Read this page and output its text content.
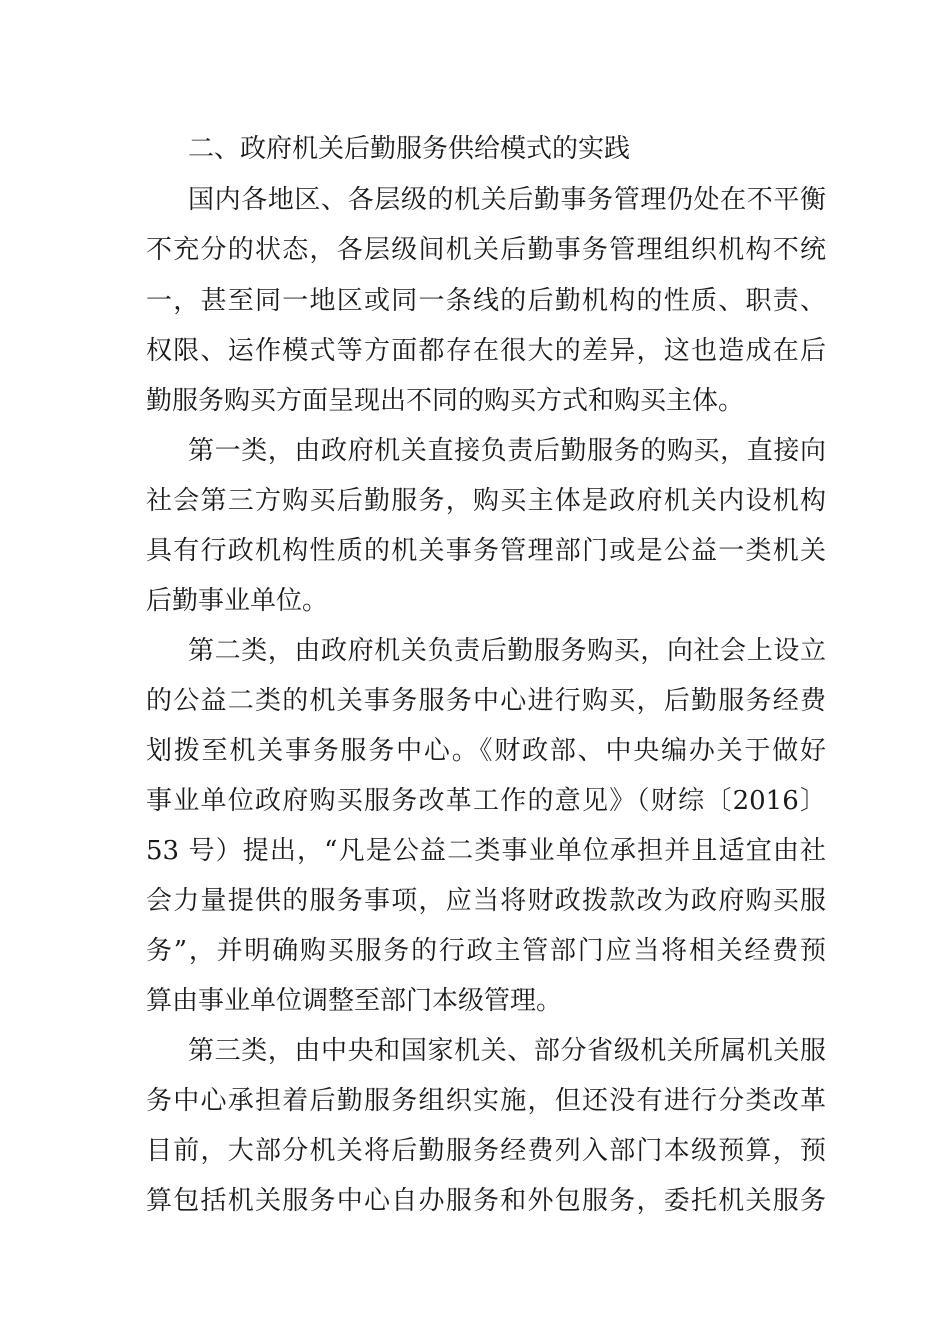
二、政府机关后勤服务供给模式的实践
国内各地区、各层级的机关后勤事务管理仍处在不平衡
不充分的状态，各层级间机关后勤事务管理组织机构不统
一，甚至同一地区或同一条线的后勤机构的性质、职责、
权限、运作模式等方面都存在很大的差异，这也造成在后
勤服务购买方面呈现出不同的购买方式和购买主体。
第一类，由政府机关直接负责后勤服务的购买，直接向
社会第三方购买后勤服务，购买主体是政府机关内设机构
具有行政机构性质的机关事务管理部门或是公益一类机关
后勤事业单位。
第二类，由政府机关负责后勤服务购买，向社会上设立
的公益二类的机关事务服务中心进行购买，后勤服务经费
划拨至机关事务服务中心。《财政部、中央编办关于做好
事业单位政府购买服务改革工作的意见》（财综〔2016〕
53 号）提出，“凡是公益二类事业单位承担并且适宜由社
会力量提供的服务事项，应当将财政拨款改为政府购买服
务”，并明确购买服务的行政主管部门应当将相关经费预
算由事业单位调整至部门本级管理。
第三类，由中央和国家机关、部分省级机关所属机关服
务中心承担着后勤服务组织实施，但还没有进行分类改革
目前，大部分机关将后勤服务经费列入部门本级预算，预
算包括机关服务中心自办服务和外包服务，委托机关服务
